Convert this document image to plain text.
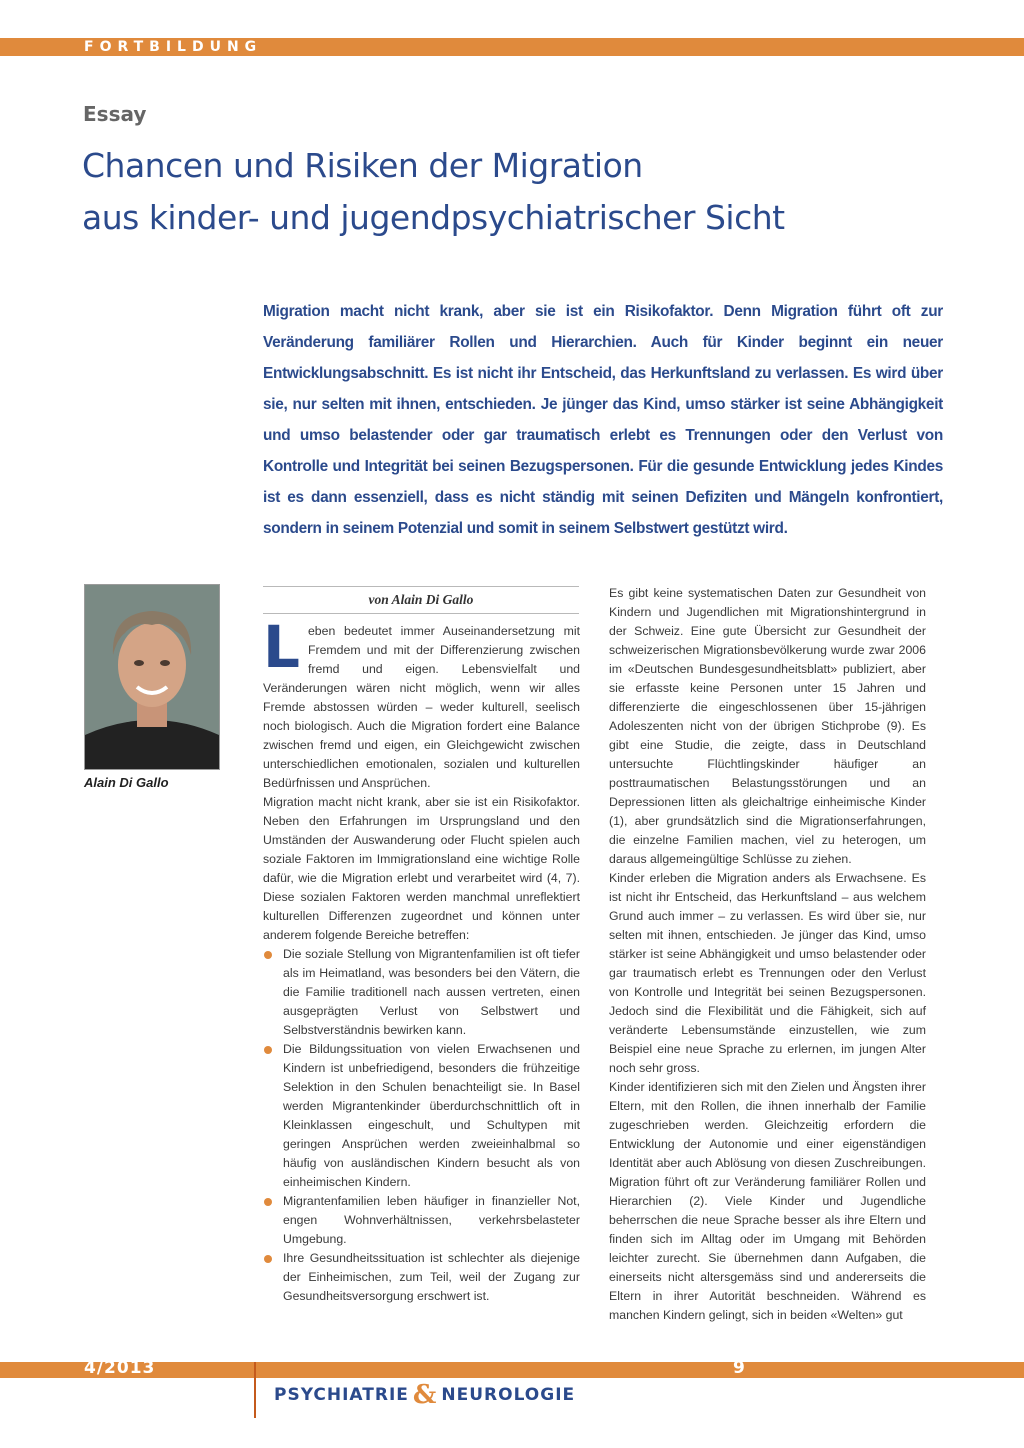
FORTBILDUNG
Essay
Chancen und Risiken der Migration
aus kinder- und jugendpsychiatrischer Sicht
Migration macht nicht krank, aber sie ist ein Risikofaktor. Denn Migration führt oft zur Veränderung familiärer Rollen und Hierarchien. Auch für Kinder beginnt ein neuer Entwicklungsabschnitt. Es ist nicht ihr Entscheid, das Herkunftsland zu verlassen. Es wird über sie, nur selten mit ihnen, entschieden. Je jünger das Kind, umso stärker ist seine Abhängigkeit und umso belastender oder gar traumatisch erlebt es Trennungen oder den Verlust von Kontrolle und Integrität bei seinen Bezugspersonen. Für die gesunde Entwicklung jedes Kindes ist es dann essenziell, dass es nicht ständig mit seinen Defiziten und Mängeln konfrontiert, sondern in seinem Potenzial und somit in seinem Selbstwert gestützt wird.
Alain Di Gallo
von Alain Di Gallo

Leben bedeutet immer Auseinandersetzung mit Fremdem und mit der Differenzierung zwischen fremd und eigen. Lebensvielfalt und Veränderungen wären nicht möglich, wenn wir alles Fremde abstossen würden – weder kulturell, seelisch noch biologisch. Auch die Migration fordert eine Balance zwischen fremd und eigen, ein Gleichgewicht zwischen unterschiedlichen emotionalen, sozialen und kulturellen Bedürfnissen und Ansprüchen.

Migration macht nicht krank, aber sie ist ein Risikofaktor. Neben den Erfahrungen im Ursprungsland und den Umständen der Auswanderung oder Flucht spielen auch soziale Faktoren im Immigrationsland eine wichtige Rolle dafür, wie die Migration erlebt und verarbeitet wird (4, 7). Diese sozialen Faktoren werden manchmal unreflektiert kulturellen Differenzen zugeordnet und können unter anderem folgende Bereiche betreffen:

Die soziale Stellung von Migrantenfamilien ist oft tiefer als im Heimatland, was besonders bei den Vätern, die die Familie traditionell nach aussen vertreten, einen ausgeprägten Verlust von Selbstwert und Selbstverständnis bewirken kann.
Die Bildungssituation von vielen Erwachsenen und Kindern ist unbefriedigend, besonders die frühzeitige Selektion in den Schulen benachteiligt sie. In Basel werden Migrantenkinder überdurchschnittlich oft in Kleinklassen eingeschult, und Schultypen mit geringen Ansprüchen werden zweieinhalbmal so häufig von ausländischen Kindern besucht als von einheimischen Kindern.
Migrantenfamilien leben häufiger in finanzieller Not, engen Wohnverhältnissen, verkehrsbelasteter Umgebung.
Ihre Gesundheitssituation ist schlechter als diejenige der Einheimischen, zum Teil, weil der Zugang zur Gesundheitsversorgung erschwert ist.

Es gibt keine systematischen Daten zur Gesundheit von Kindern und Jugendlichen mit Migrationshintergrund in der Schweiz. Eine gute Übersicht zur Gesundheit der schweizerischen Migrationsbevölkerung wurde zwar 2006 im «Deutschen Bundesgesundheitsblatt» publiziert, aber sie erfasste keine Personen unter 15 Jahren und differenzierte die eingeschlossenen über 15-jährigen Adoleszenten nicht von der übrigen Stichprobe (9). Es gibt eine Studie, die zeigte, dass in Deutschland untersuchte Flüchtlingskinder häufiger an posttraumatischen Belastungsstörungen und an Depressionen litten als gleichaltrige einheimische Kinder (1), aber grundsätzlich sind die Migrationserfahrungen, die einzelne Familien machen, viel zu heterogen, um daraus allgemeingültige Schlüsse zu ziehen.

Kinder erleben die Migration anders als Erwachsene. Es ist nicht ihr Entscheid, das Herkunftsland – aus welchem Grund auch immer – zu verlassen. Es wird über sie, nur selten mit ihnen, entschieden. Je jünger das Kind, umso stärker ist seine Abhängigkeit und umso belastender oder gar traumatisch erlebt es Trennungen oder den Verlust von Kontrolle und Integrität bei seinen Bezugspersonen. Jedoch sind die Flexibilität und die Fähigkeit, sich auf veränderte Lebensumstände einzustellen, wie zum Beispiel eine neue Sprache zu erlernen, im jungen Alter noch sehr gross.

Kinder identifizieren sich mit den Zielen und Ängsten ihrer Eltern, mit den Rollen, die ihnen innerhalb der Familie zugeschrieben werden. Gleichzeitig erfordern die Entwicklung der Autonomie und einer eigenständigen Identität aber auch Ablösung von diesen Zuschreibungen. Migration führt oft zur Veränderung familiärer Rollen und Hierarchien (2). Viele Kinder und Jugendliche beherrschen die neue Sprache besser als ihre Eltern und finden sich im Alltag oder im Umgang mit Behörden leichter zurecht. Sie übernehmen dann Aufgaben, die einerseits nicht altersgemäss sind und andererseits die Eltern in ihrer Autorität beschneiden. Während es manchen Kindern gelingt, sich in beiden «Welten» gut

4/2013	9
PSYCHIATRIE & NEUROLOGIE
